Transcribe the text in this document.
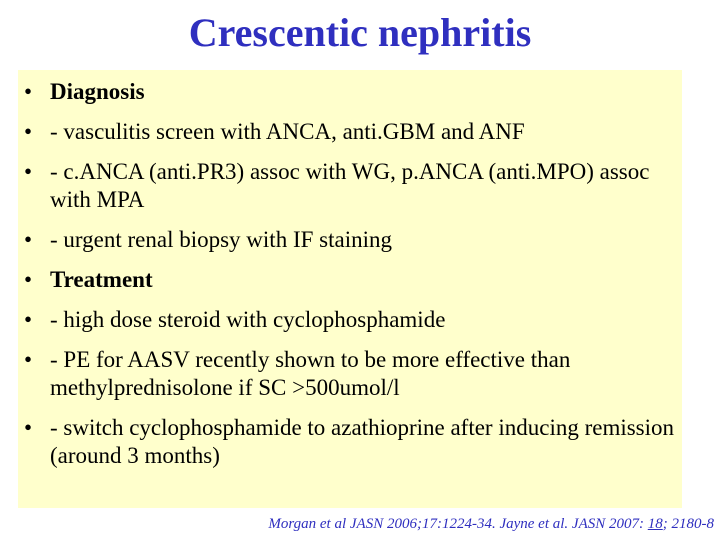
Crescentic nephritis
• Diagnosis
• - vasculitis screen with ANCA, anti.GBM and ANF
• - c.ANCA (anti.PR3) assoc with WG, p.ANCA (anti.MPO) assoc with MPA
• - urgent renal biopsy with IF staining
• Treatment
• - high dose steroid with cyclophosphamide
• - PE for AASV recently shown to be more effective than methylprednisolone if SC >500umol/l
• - switch cyclophosphamide to azathioprine after inducing remission (around 3 months)
Morgan et al JASN 2006;17:1224-34. Jayne et al. JASN 2007: 18; 2180-8
